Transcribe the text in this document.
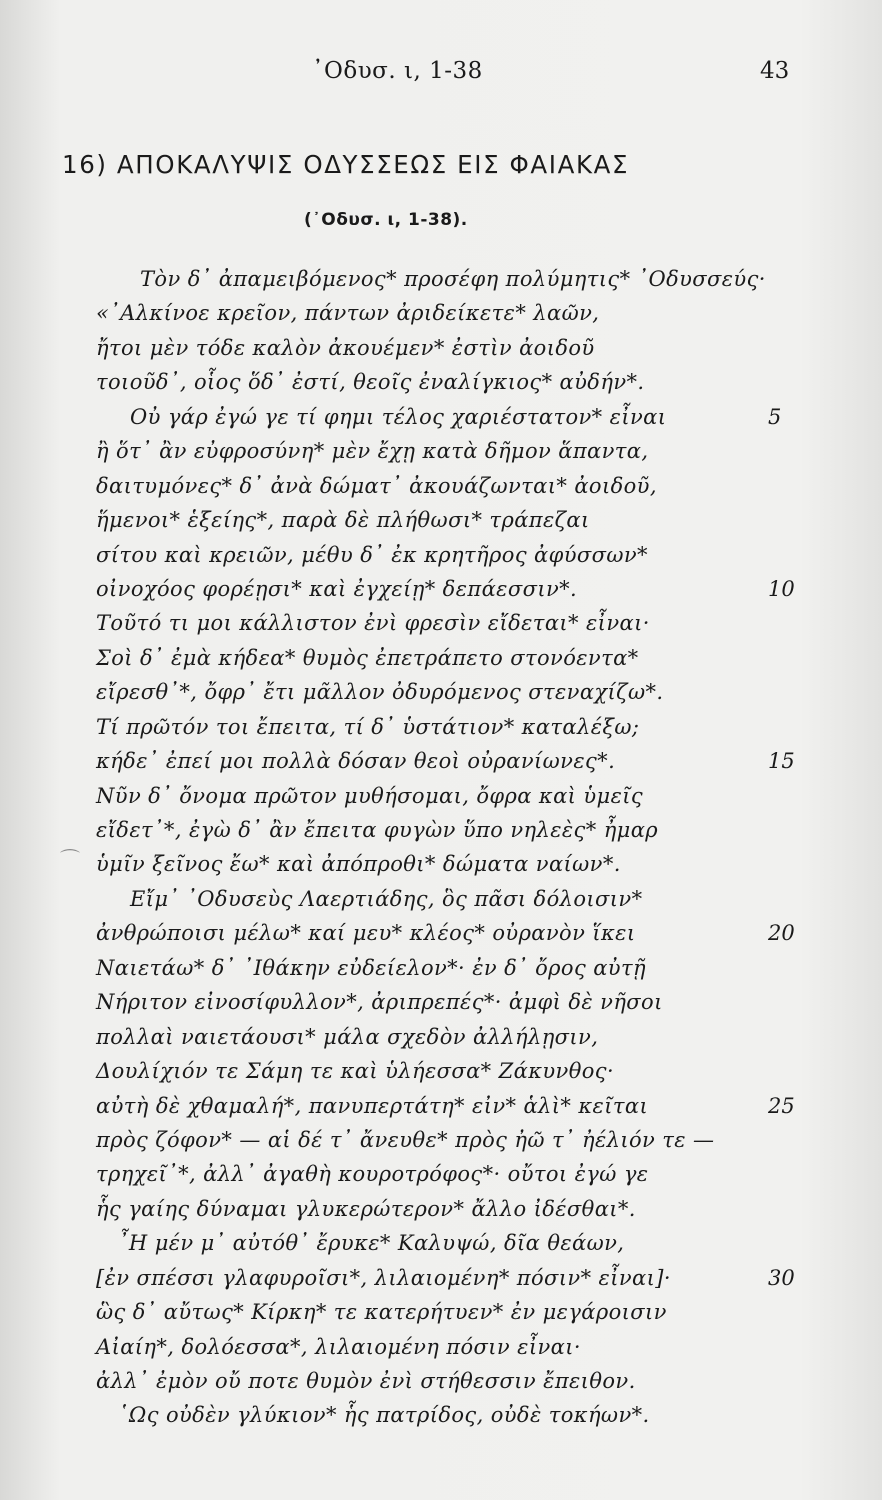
᾿Οδυσ. ι, 1-38	43
16) ΑΠΟΚΑΛΥΨΙΣ ΟΔΥΣΣΕΩΣ ΕΙΣ ΦΑΙΑΚΑΣ
(᾿Οδυσ. ι, 1-38).
Τὸν δ᾿ ἀπαμειβόμενος* προσέφη πολύμητις* ᾿Οδυσσεύς·
«᾿Αλκίνοε κρεῖον, πάντων ἀριδείκετε* λαῶν,
ἤτοι μὲν τόδε καλὸν ἀκουέμεν* ἐστὶν ἀοιδοῦ
τοιοῦδ᾿, οἷος ὅδ᾿ ἐστί, θεοῖς ἐναλίγκιος* αὐδήν*.
Οὐ γάρ ἐγώ γε τί φημι τέλος χαριέστατον* εἶναι	5
ἢ ὅτ᾿ ἂν εὐφροσύνη* μὲν ἔχῃ κατὰ δῆμον ἅπαντα,
δαιτυμόνες* δ᾿ ἀνὰ δώματ᾿ ἀκουάζωνται* ἀοιδοῦ,
ἥμενοι* ἑξείης*, παρὰ δὲ πλήθωσι* τράπεζαι
σίτου καὶ κρειῶν, μέθυ δ᾿ ἐκ κρητῆρος ἀφύσσων*
οἰνοχόος φορέῃσι* καὶ ἐγχείῃ* δεπάεσσιν*.	10
Τοῦτό τι μοι κάλλιστον ἐνὶ φρεσὶν εἴδεται* εἶναι·
Σοὶ δ᾿ ἐμὰ κήδεα* θυμὸς ἐπετράπετο στονόεντα*
εἴρεσθ᾿*, ὄφρ᾿ ἔτι μᾶλλον ὀδυρόμενος στεναχίζω*.
Τί πρῶτόν τοι ἔπειτα, τί δ᾿ ὑστάτιον* καταλέξω;
κήδε᾿ ἐπεί μοι πολλὰ δόσαν θεοὶ οὐρανίωνες*.	15
Νῦν δ᾿ ὄνομα πρῶτον μυθήσομαι, ὄφρα καὶ ὑμεῖς
εἴδετ᾿*, ἐγὼ δ᾿ ἂν ἔπειτα φυγὼν ὕπο νηλεὲς* ἦμαρ
ὑμῖν ξεῖνος ἔω* καὶ ἀπόπροθι* δώματα ναίων*.
Εἴμ᾿ ᾿Οδυσεὺς Λαερτιάδης, ὃς πᾶσι δόλοισιν*
ἀνθρώποισι μέλω* καί μευ* κλέος* οὐρανὸν ἵκει	20
Ναιετάω* δ᾿ ᾿Ιθάκην εὐδείελον*· ἐν δ᾿ ὄρος αὐτῇ
Νήριτον εἰνοσίφυλλον*, ἀριπρεπές*· ἀμφὶ δὲ νῆσοι
πολλαὶ ναιετάουσι* μάλα σχεδὸν ἀλλήλῃσιν,
Δουλίχιόν τε Σάμη τε καὶ ὑλήεσσα* Ζάκυνθος·
αὐτὴ δὲ χθαμαλή*, πανυπερτάτη* εἰν* ἁλὶ* κεῖται	25
πρὸς ζόφον* — αἱ δέ τ᾿ ἄνευθε* πρὸς ἠῶ τ᾿ ἠέλιόν τε —
τρηχεῖ᾿*, ἀλλ᾿ ἀγαθὴ κουροτρόφος*· οὔτοι ἐγώ γε
ἧς γαίης δύναμαι γλυκερώτερον* ἄλλο ἰδέσθαι*.
῏Η μέν μ᾿ αὐτόθ᾿ ἔρυκε* Καλυψώ, δῖα θεάων,
[ἐν σπέσσι γλαφυροῖσι*, λιλαιομένη* πόσιν* εἶναι]·	30
ὣς δ᾿ αὔτως* Κίρκη* τε κατερήτυεν* ἐν μεγάροισιν
Αἰαίη*, δολόεσσα*, λιλαιομένη πόσιν εἶναι·
ἀλλ᾿ ἐμὸν οὔ ποτε θυμὸν ἐνὶ στήθεσσιν ἔπειθον.
῾Ως οὐδὲν γλύκιον* ἧς πατρίδος, οὐδὲ τοκήων*.
⌒
